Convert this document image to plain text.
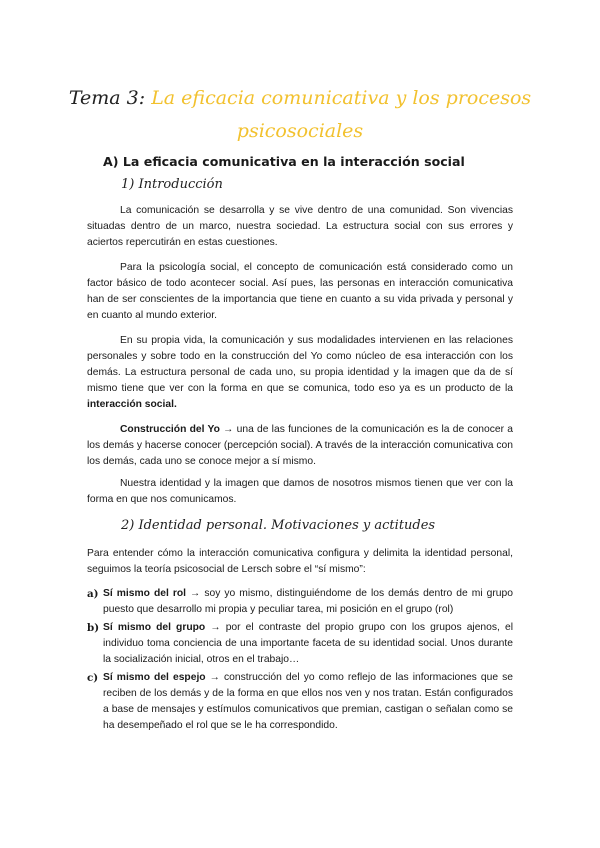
Tema 3: La eficacia comunicativa y los procesos psicosociales
A) La eficacia comunicativa en la interacción social
1) Introducción

La comunicación se desarrolla y se vive dentro de una comunidad. Son vivencias situadas dentro de un marco, nuestra sociedad. La estructura social con sus errores y aciertos repercutirán en estas cuestiones.

Para la psicología social, el concepto de comunicación está considerado como un factor básico de todo acontecer social. Así pues, las personas en interacción comunicativa han de ser conscientes de la importancia que tiene en cuanto a su vida privada y personal y en cuanto al mundo exterior.

En su propia vida, la comunicación y sus modalidades intervienen en las relaciones personales y sobre todo en la construcción del Yo como núcleo de esa interacción con los demás. La estructura personal de cada uno, su propia identidad y la imagen que da de sí mismo tiene que ver con la forma en que se comunica, todo eso ya es un producto de la interacción social.

Construcción del Yo → una de las funciones de la comunicación es la de conocer a los demás y hacerse conocer (percepción social). A través de la interacción comunicativa con los demás, cada uno se conoce mejor a sí mismo.

Nuestra identidad y la imagen que damos de nosotros mismos tienen que ver con la forma en que nos comunicamos.

2) Identidad personal. Motivaciones y actitudes

Para entender cómo la interacción comunicativa configura y delimita la identidad personal, seguimos la teoría psicosocial de Lersch sobre el “sí mismo”:

a) Sí mismo del rol → soy yo mismo, distinguiéndome de los demás dentro de mi grupo puesto que desarrollo mi propia y peculiar tarea, mi posición en el grupo (rol)

b) Sí mismo del grupo → por el contraste del propio grupo con los grupos ajenos, el individuo toma conciencia de una importante faceta de su identidad social. Unos durante la socialización inicial, otros en el trabajo…

c) Sí mismo del espejo → construcción del yo como reflejo de las informaciones que se reciben de los demás y de la forma en que ellos nos ven y nos tratan. Están configurados a base de mensajes y estímulos comunicativos que premian, castigan o señalan como se ha desempeñado el rol que se le ha correspondido.
